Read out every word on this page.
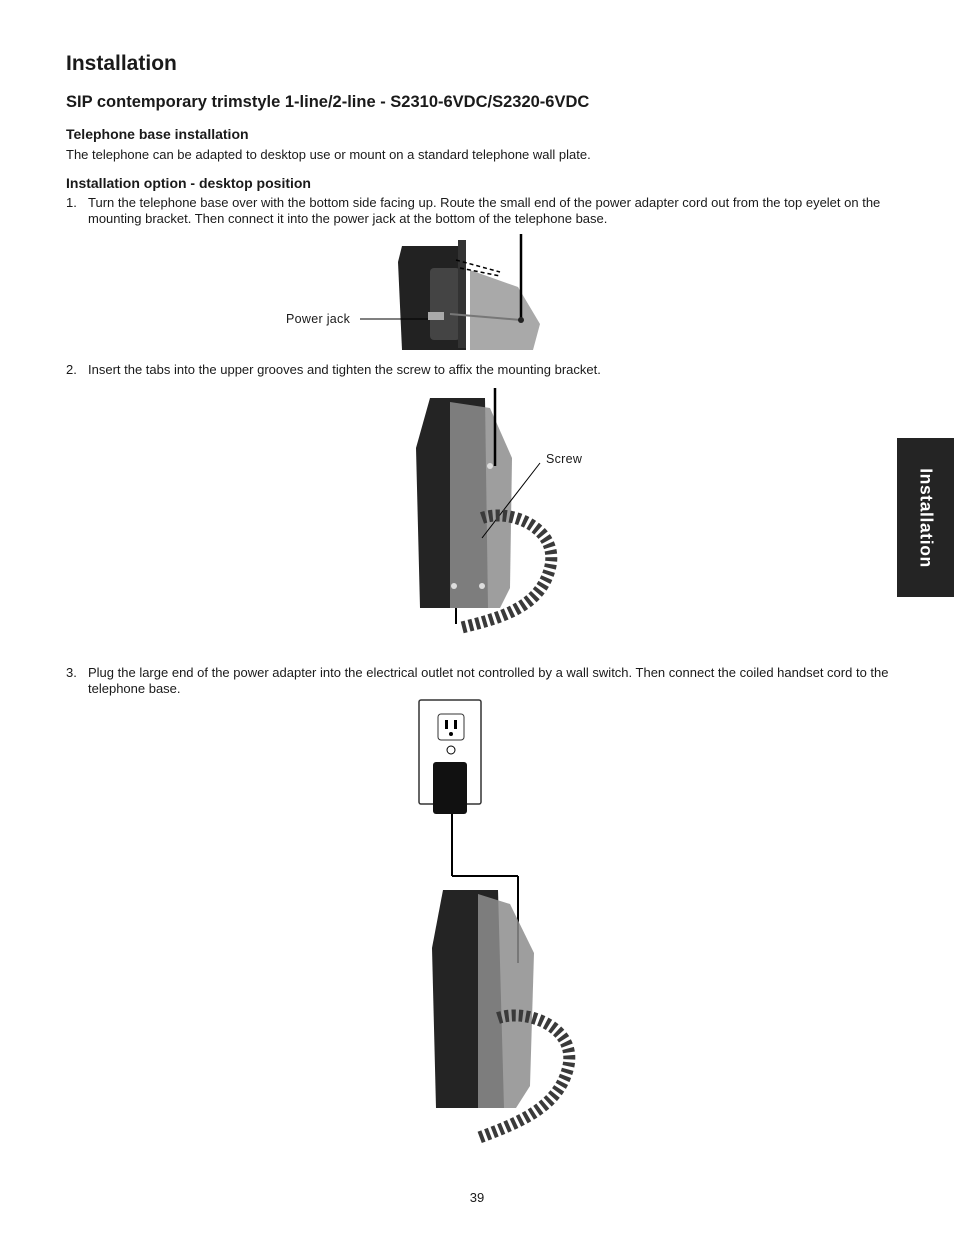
Installation
SIP contemporary trimstyle 1-line/2-line - S2310-6VDC/S2320-6VDC
Telephone base installation
The telephone can be adapted to desktop use or mount on a standard telephone wall plate.
Installation option - desktop position
1. Turn the telephone base over with the bottom side facing up. Route the small end of the power adapter cord out from the top eyelet on the mounting bracket. Then connect it into the power jack at the bottom of the telephone base.
Power jack
2. Insert the tabs into the upper grooves and tighten the screw to affix the mounting bracket.
Screw
3. Plug the large end of the power adapter into the electrical outlet not controlled by a wall switch. Then connect the coiled handset cord to the telephone base.
Installation
39
